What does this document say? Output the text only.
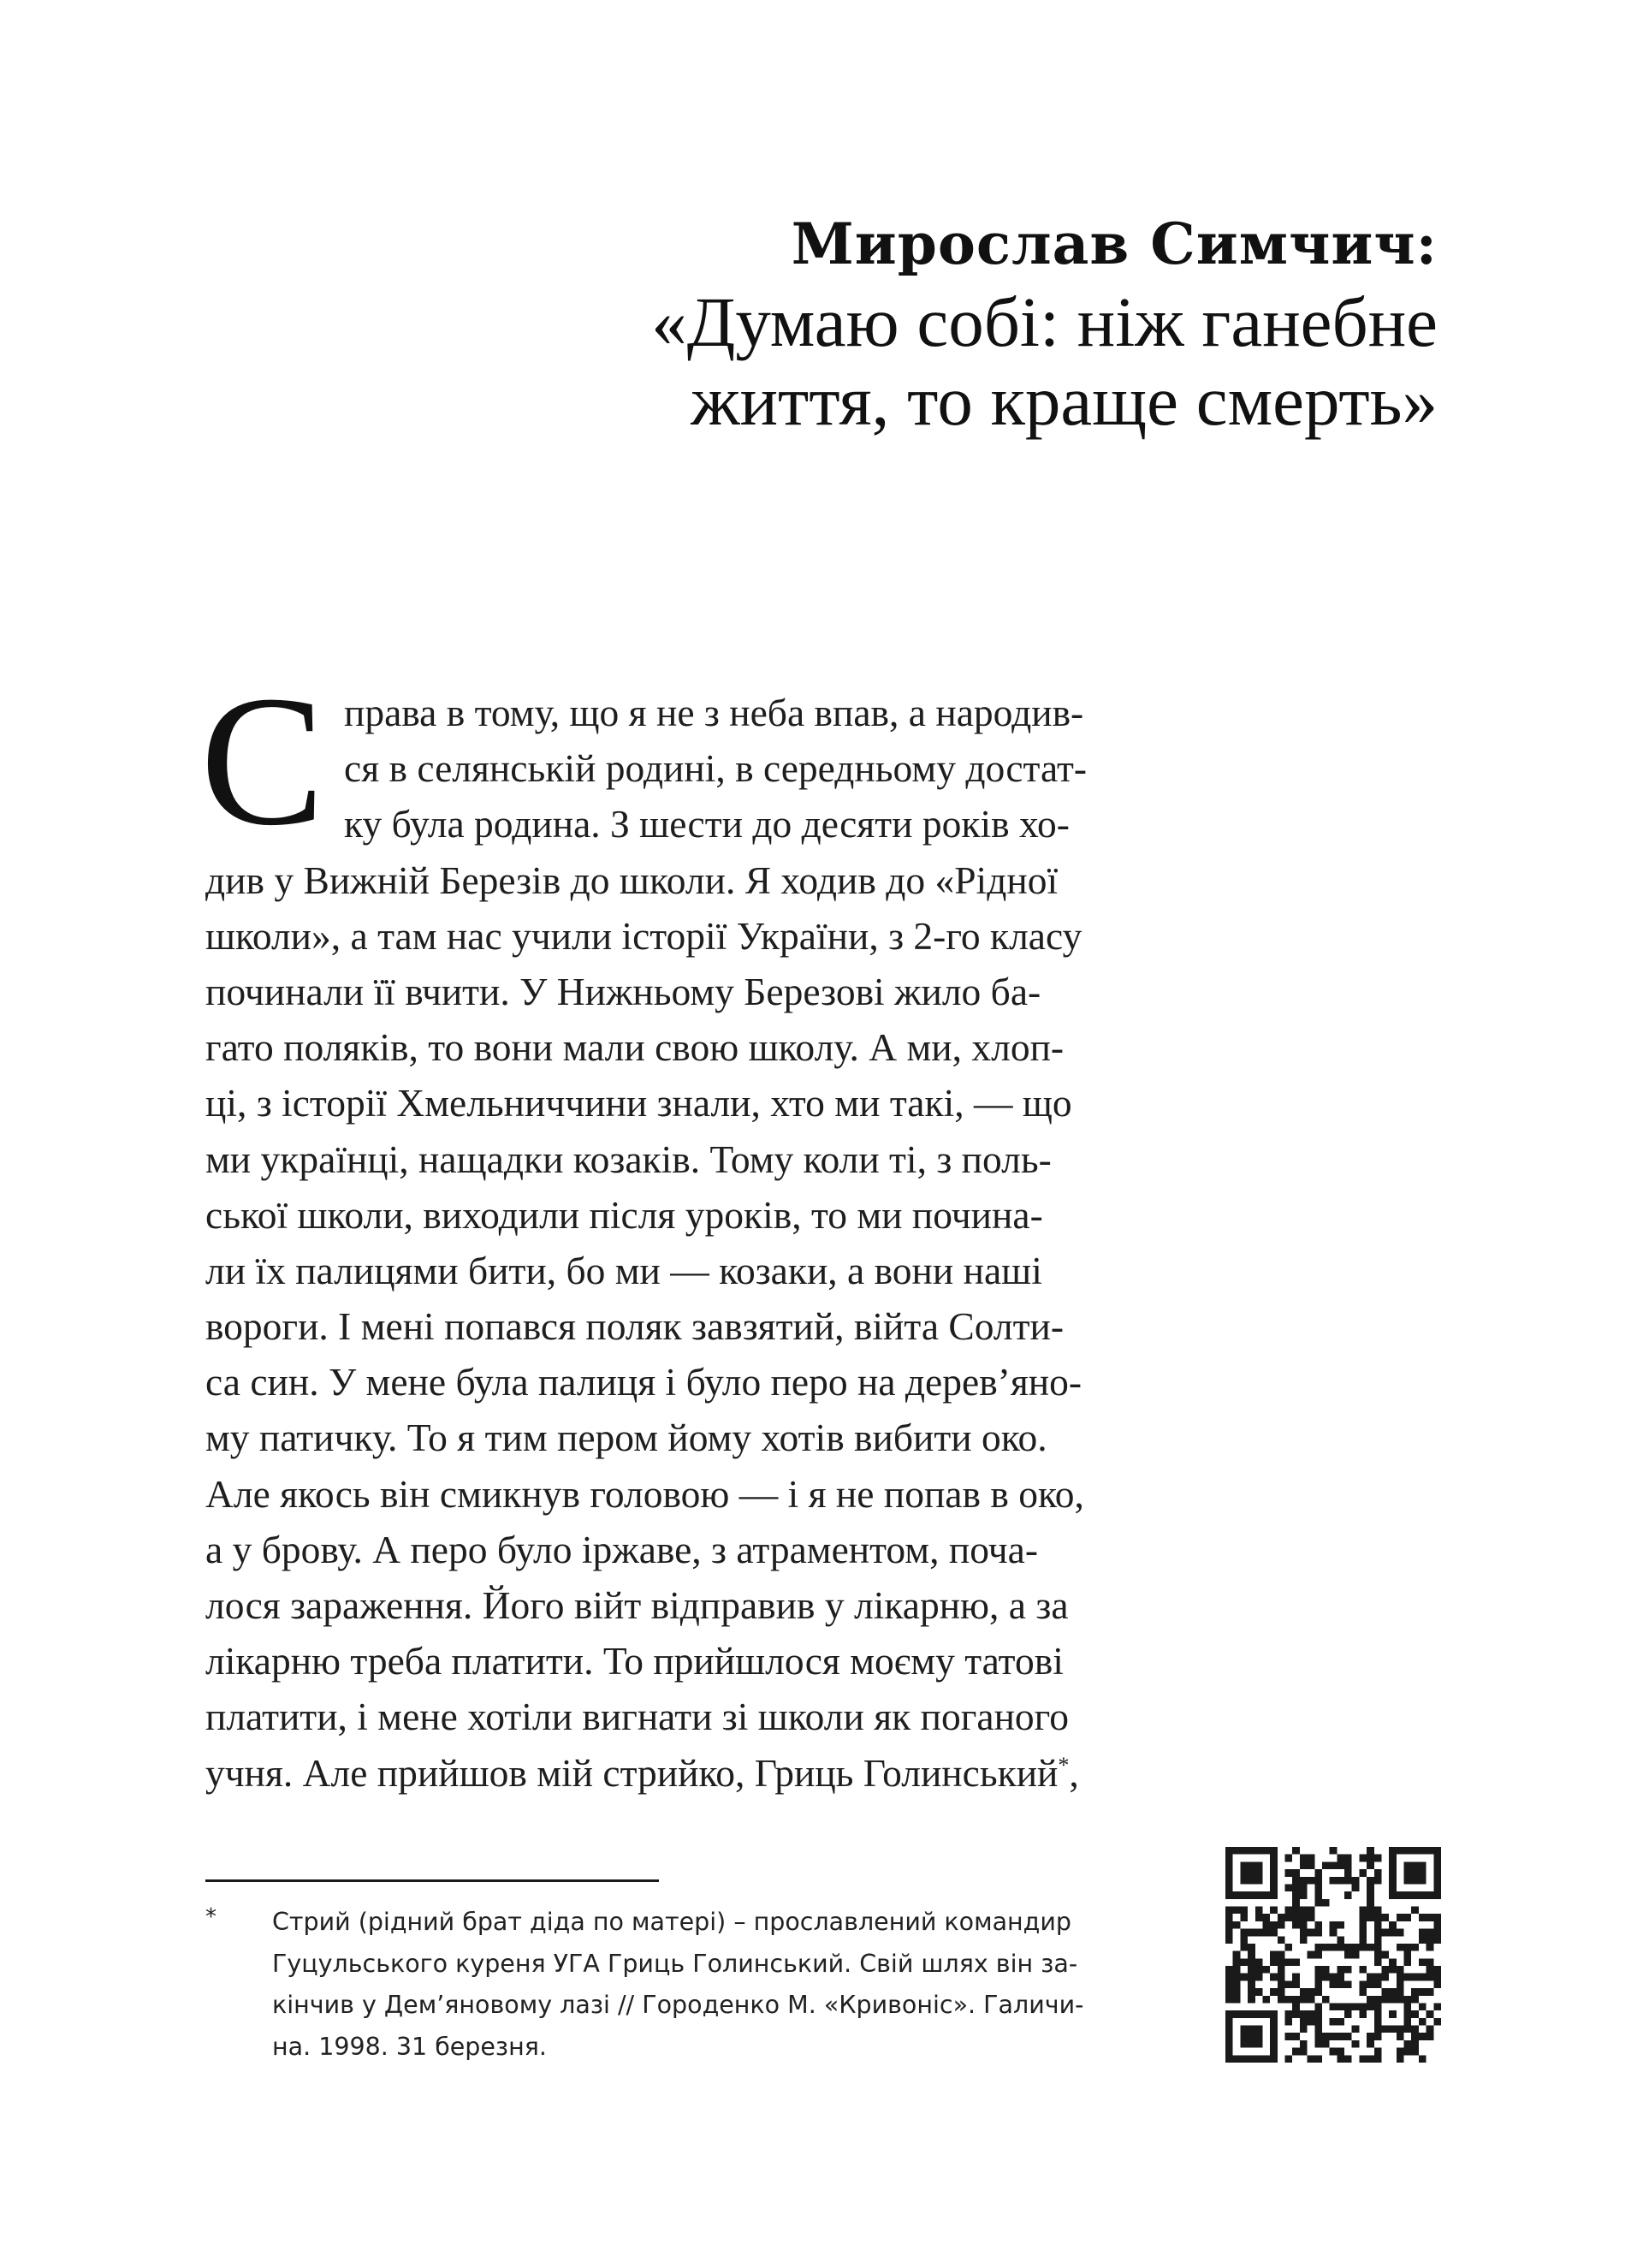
Мирослав Симчич:
«Думаю собі: ніж ганебне
життя, то краще смерть»
С права в тому, що я не з неба впав, а народив-
ся в селянській родині, в середньому достат-
ку була родина. З шести до десяти років хо-
див у Вижній Березів до школи. Я ходив до «Рідної
школи», а там нас учили історії України, з 2-го класу
починали її вчити. У Нижньому Березові жило ба-
гато поляків, то вони мали свою школу. А ми, хлоп-
ці, з історії Хмельниччини знали, хто ми такі, — що
ми українці, нащадки козаків. Тому коли ті, з поль-
ської школи, виходили після уроків, то ми почина-
ли їх палицями бити, бо ми — козаки, а вони наші
вороги. І мені попався поляк завзятий, війта Солти-
са син. У мене була палиця і було перо на дерев’яно-
му патичку. То я тим пером йому хотів вибити око.
Але якось він смикнув головою — і я не попав в око,
а у брову. А перо було іржаве, з атраментом, поча-
лося зараження. Його війт відправив у лікарню, а за
лікарню треба платити. То прийшлося моєму татові
платити, і мене хотіли вигнати зі школи як поганого
учня. Але прийшов мій стрийко, Гриць Голинський*,
* Стрий (рідний брат діда по матері) – прославлений командир
Гуцульського куреня УГА Гриць Голинський. Свій шлях він за-
кінчив у Дем’яновому лазі // Городенко М. «Кривоніс». Галичи-
на. 1998. 31 березня.
